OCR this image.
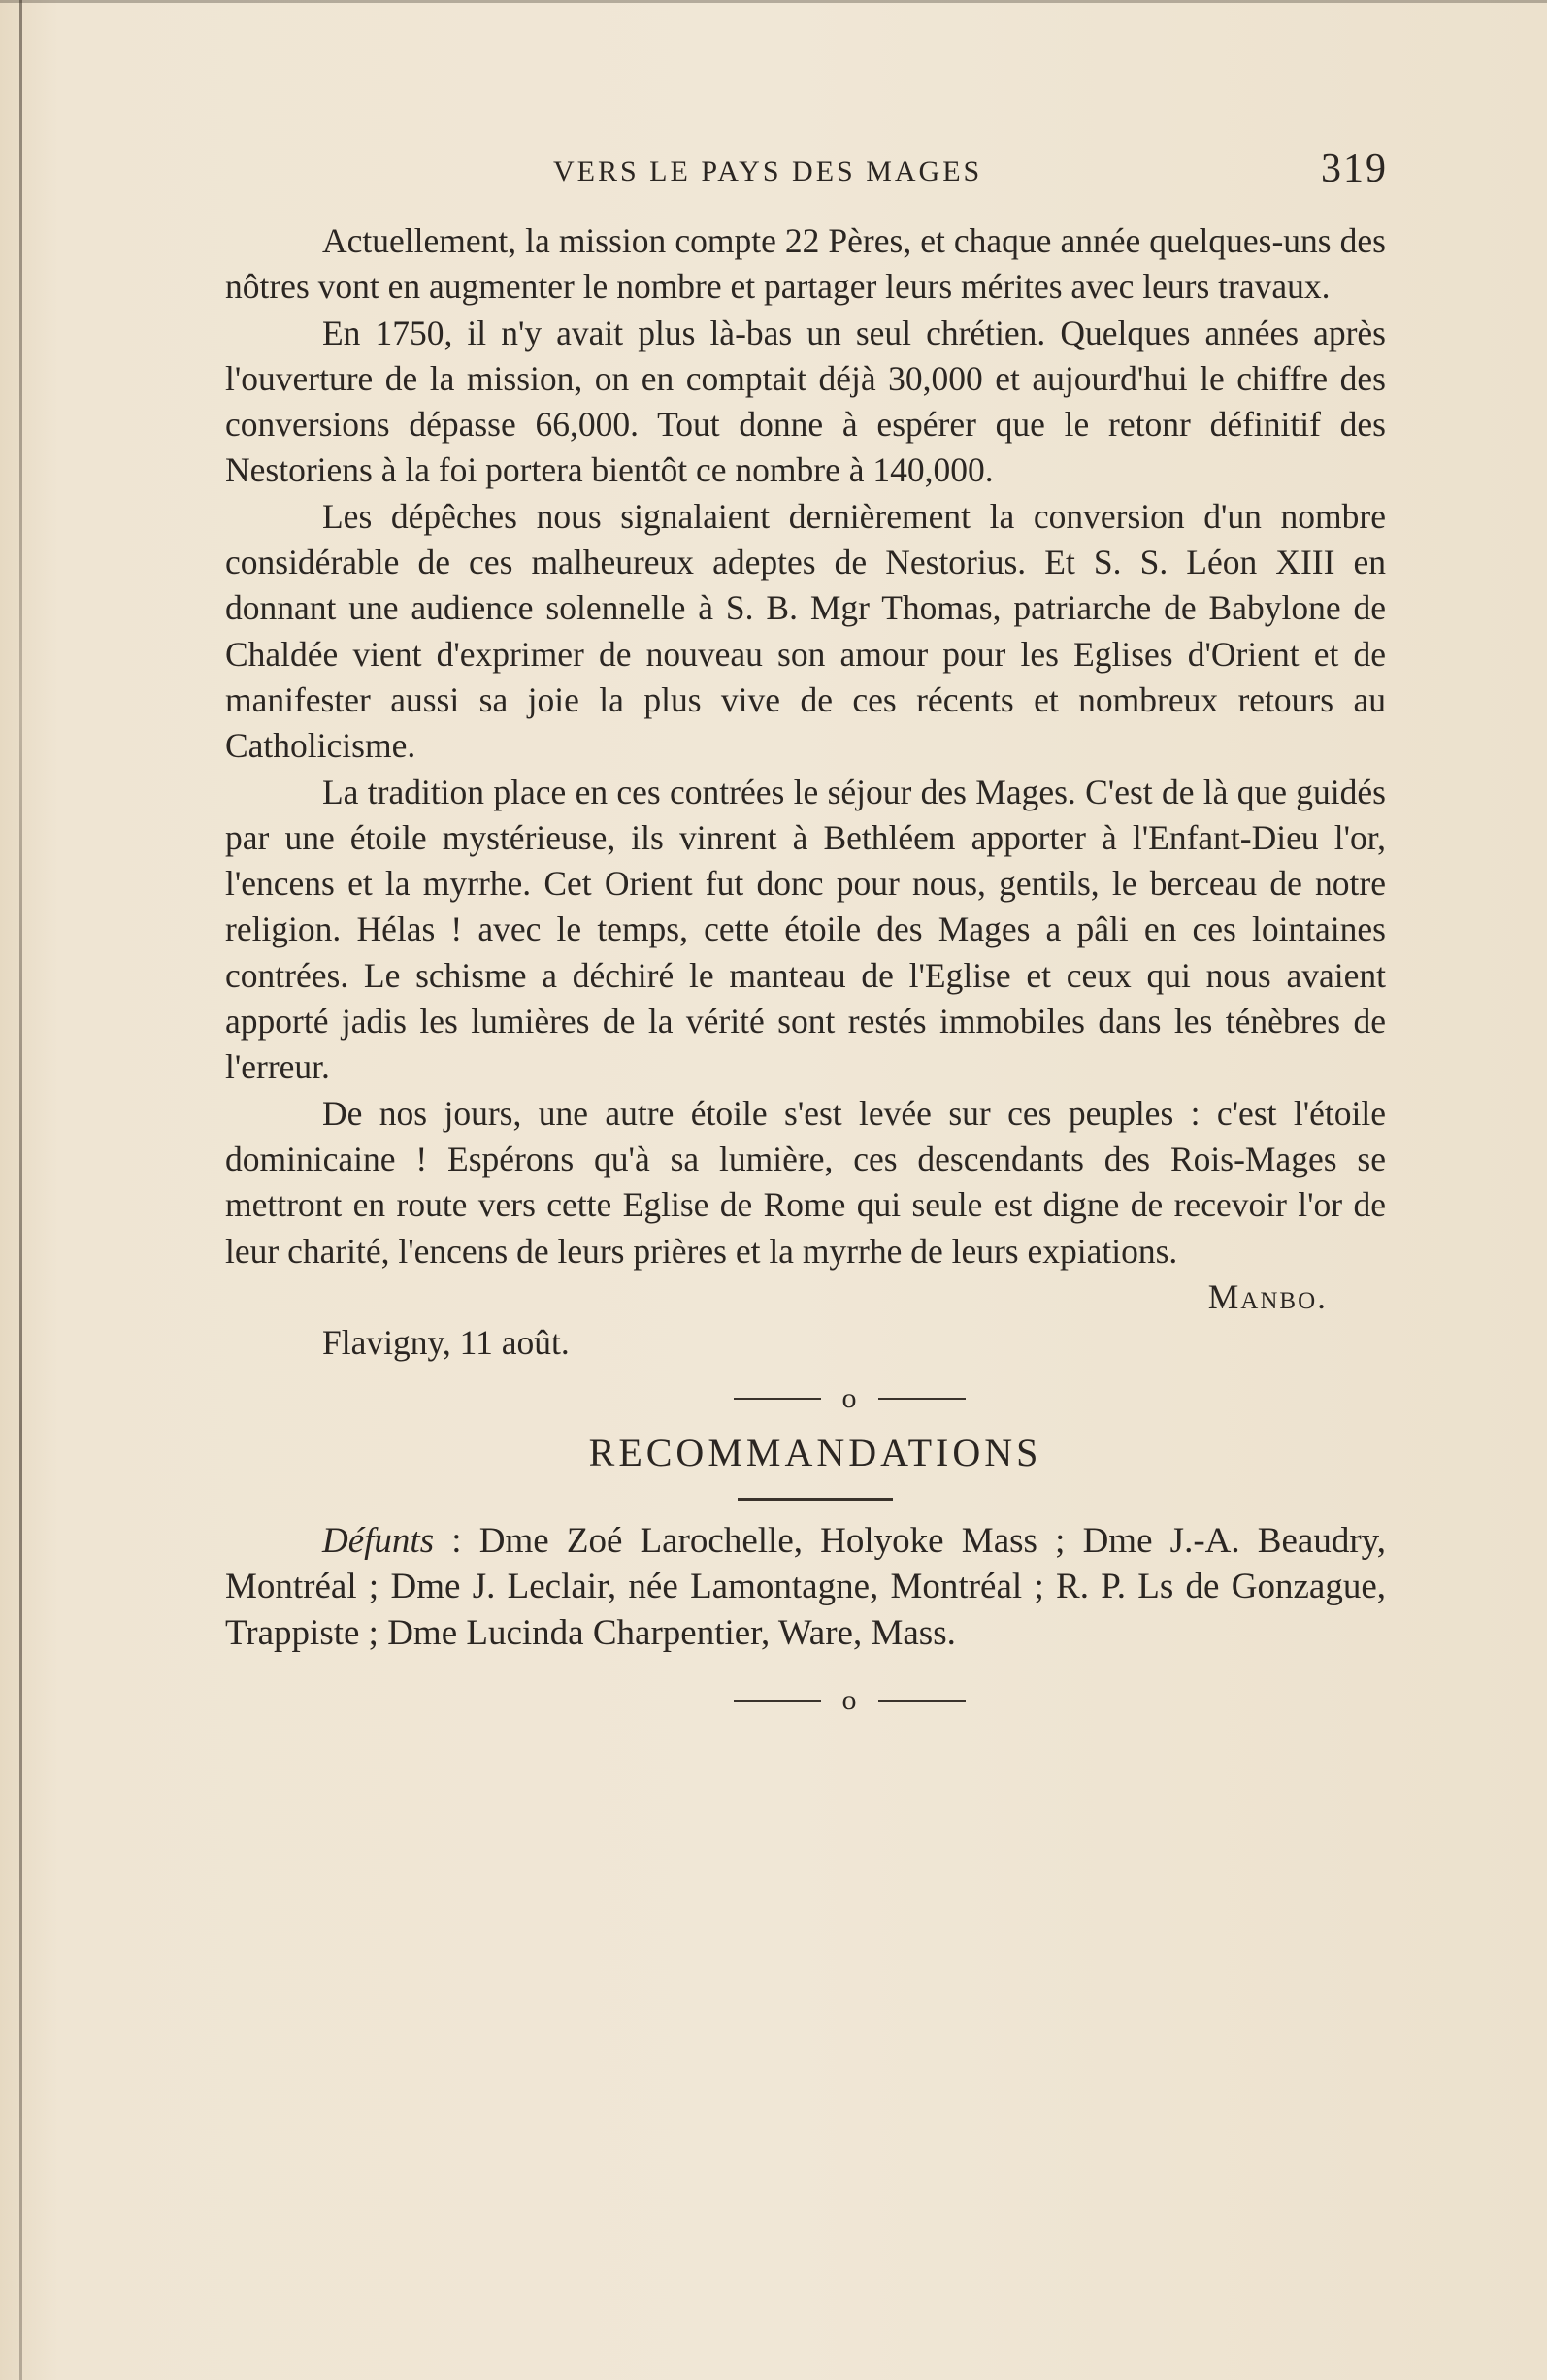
VERS LE PAYS DES MAGES	319

Actuellement, la mission compte 22 Pères, et chaque année quelques-uns des nôtres vont en augmenter le nombre et partager leurs mérites avec leurs travaux.

En 1750, il n'y avait plus là-bas un seul chrétien. Quelques années après l'ouverture de la mission, on en comptait déjà 30,000 et aujourd'hui le chiffre des conversions dépasse 66,000. Tout donne à espérer que le retonr définitif des Nestoriens à la foi portera bientôt ce nombre à 140,000.

Les dépêches nous signalaient dernièrement la conversion d'un nombre considérable de ces malheureux adeptes de Nestorius. Et S. S. Léon XIII en donnant une audience solennelle à S. B. Mgr Thomas, patriarche de Babylone de Chaldée vient d'exprimer de nouveau son amour pour les Eglises d'Orient et de manifester aussi sa joie la plus vive de ces récents et nombreux retours au Catholicisme.

La tradition place en ces contrées le séjour des Mages. C'est de là que guidés par une étoile mystérieuse, ils vinrent à Bethléem apporter à l'Enfant-Dieu l'or, l'encens et la myrrhe. Cet Orient fut donc pour nous, gentils, le berceau de notre religion. Hélas ! avec le temps, cette étoile des Mages a pâli en ces lointaines contrées. Le schisme a déchiré le manteau de l'Eglise et ceux qui nous avaient apporté jadis les lumières de la vérité sont restés immobiles dans les ténèbres de l'erreur.

De nos jours, une autre étoile s'est levée sur ces peuples : c'est l'étoile dominicaine ! Espérons qu'à sa lumière, ces descendants des Rois-Mages se mettront en route vers cette Eglise de Rome qui seule est digne de recevoir l'or de leur charité, l'encens de leurs prières et la myrrhe de leurs expiations.

Manbo.

Flavigny, 11 août.

o
RECOMMANDATIONS

Défunts : Dme Zoé Larochelle, Holyoke Mass ; Dme J.-A. Beaudry, Montréal ; Dme J. Leclair, née Lamontagne, Montréal ; R. P. Ls de Gonzague, Trappiste ; Dme Lucinda Charpentier, Ware, Mass.

o
